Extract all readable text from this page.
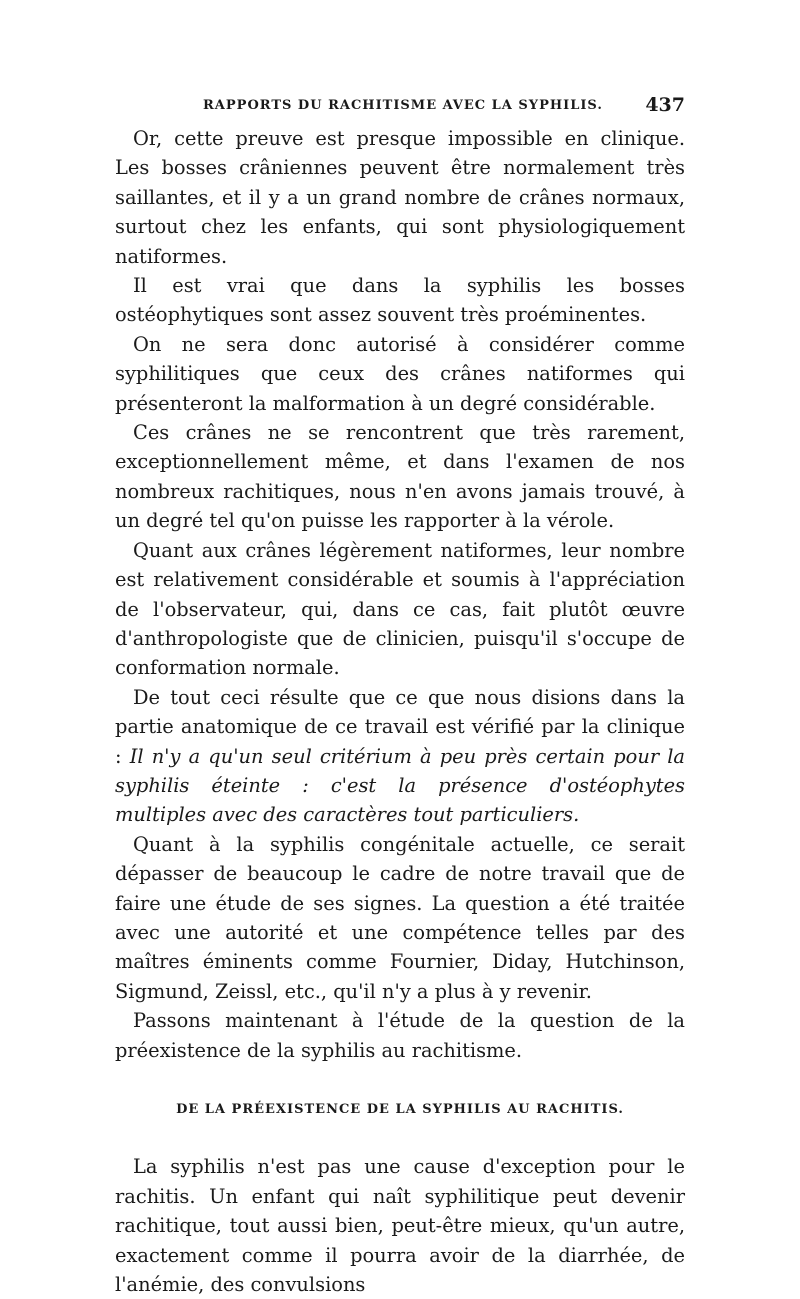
RAPPORTS DU RACHITISME AVEC LA SYPHILIS. 437

Or, cette preuve est presque impossible en clinique. Les bosses crâniennes peuvent être normalement très saillantes, et il y a un grand nombre de crânes normaux, surtout chez les enfants, qui sont physiologiquement natiformes.

Il est vrai que dans la syphilis les bosses ostéophytiques sont assez souvent très proéminentes.

On ne sera donc autorisé à considérer comme syphilitiques que ceux des crânes natiformes qui présenteront la malformation à un degré considérable.

Ces crânes ne se rencontrent que très rarement, exceptionnellement même, et dans l'examen de nos nombreux rachitiques, nous n'en avons jamais trouvé, à un degré tel qu'on puisse les rapporter à la vérole.

Quant aux crânes légèrement natiformes, leur nombre est relativement considérable et soumis à l'appréciation de l'observateur, qui, dans ce cas, fait plutôt œuvre d'anthropologiste que de clinicien, puisqu'il s'occupe de conformation normale.

De tout ceci résulte que ce que nous disions dans la partie anatomique de ce travail est vérifié par la clinique : Il n'y a qu'un seul critérium à peu près certain pour la syphilis éteinte : c'est la présence d'ostéophytes multiples avec des caractères tout particuliers.

Quant à la syphilis congénitale actuelle, ce serait dépasser de beaucoup le cadre de notre travail que de faire une étude de ses signes. La question a été traitée avec une autorité et une compétence telles par des maîtres éminents comme Fournier, Diday, Hutchinson, Sigmund, Zeissl, etc., qu'il n'y a plus à y revenir.

Passons maintenant à l'étude de la question de la préexistence de la syphilis au rachitisme.

DE LA PRÉEXISTENCE DE LA SYPHILIS AU RACHITIS.

La syphilis n'est pas une cause d'exception pour le rachitis. Un enfant qui naît syphilitique peut devenir rachitique, tout aussi bien, peut-être mieux, qu'un autre, exactement comme il pourra avoir de la diarrhée, de l'anémie, des convulsions
